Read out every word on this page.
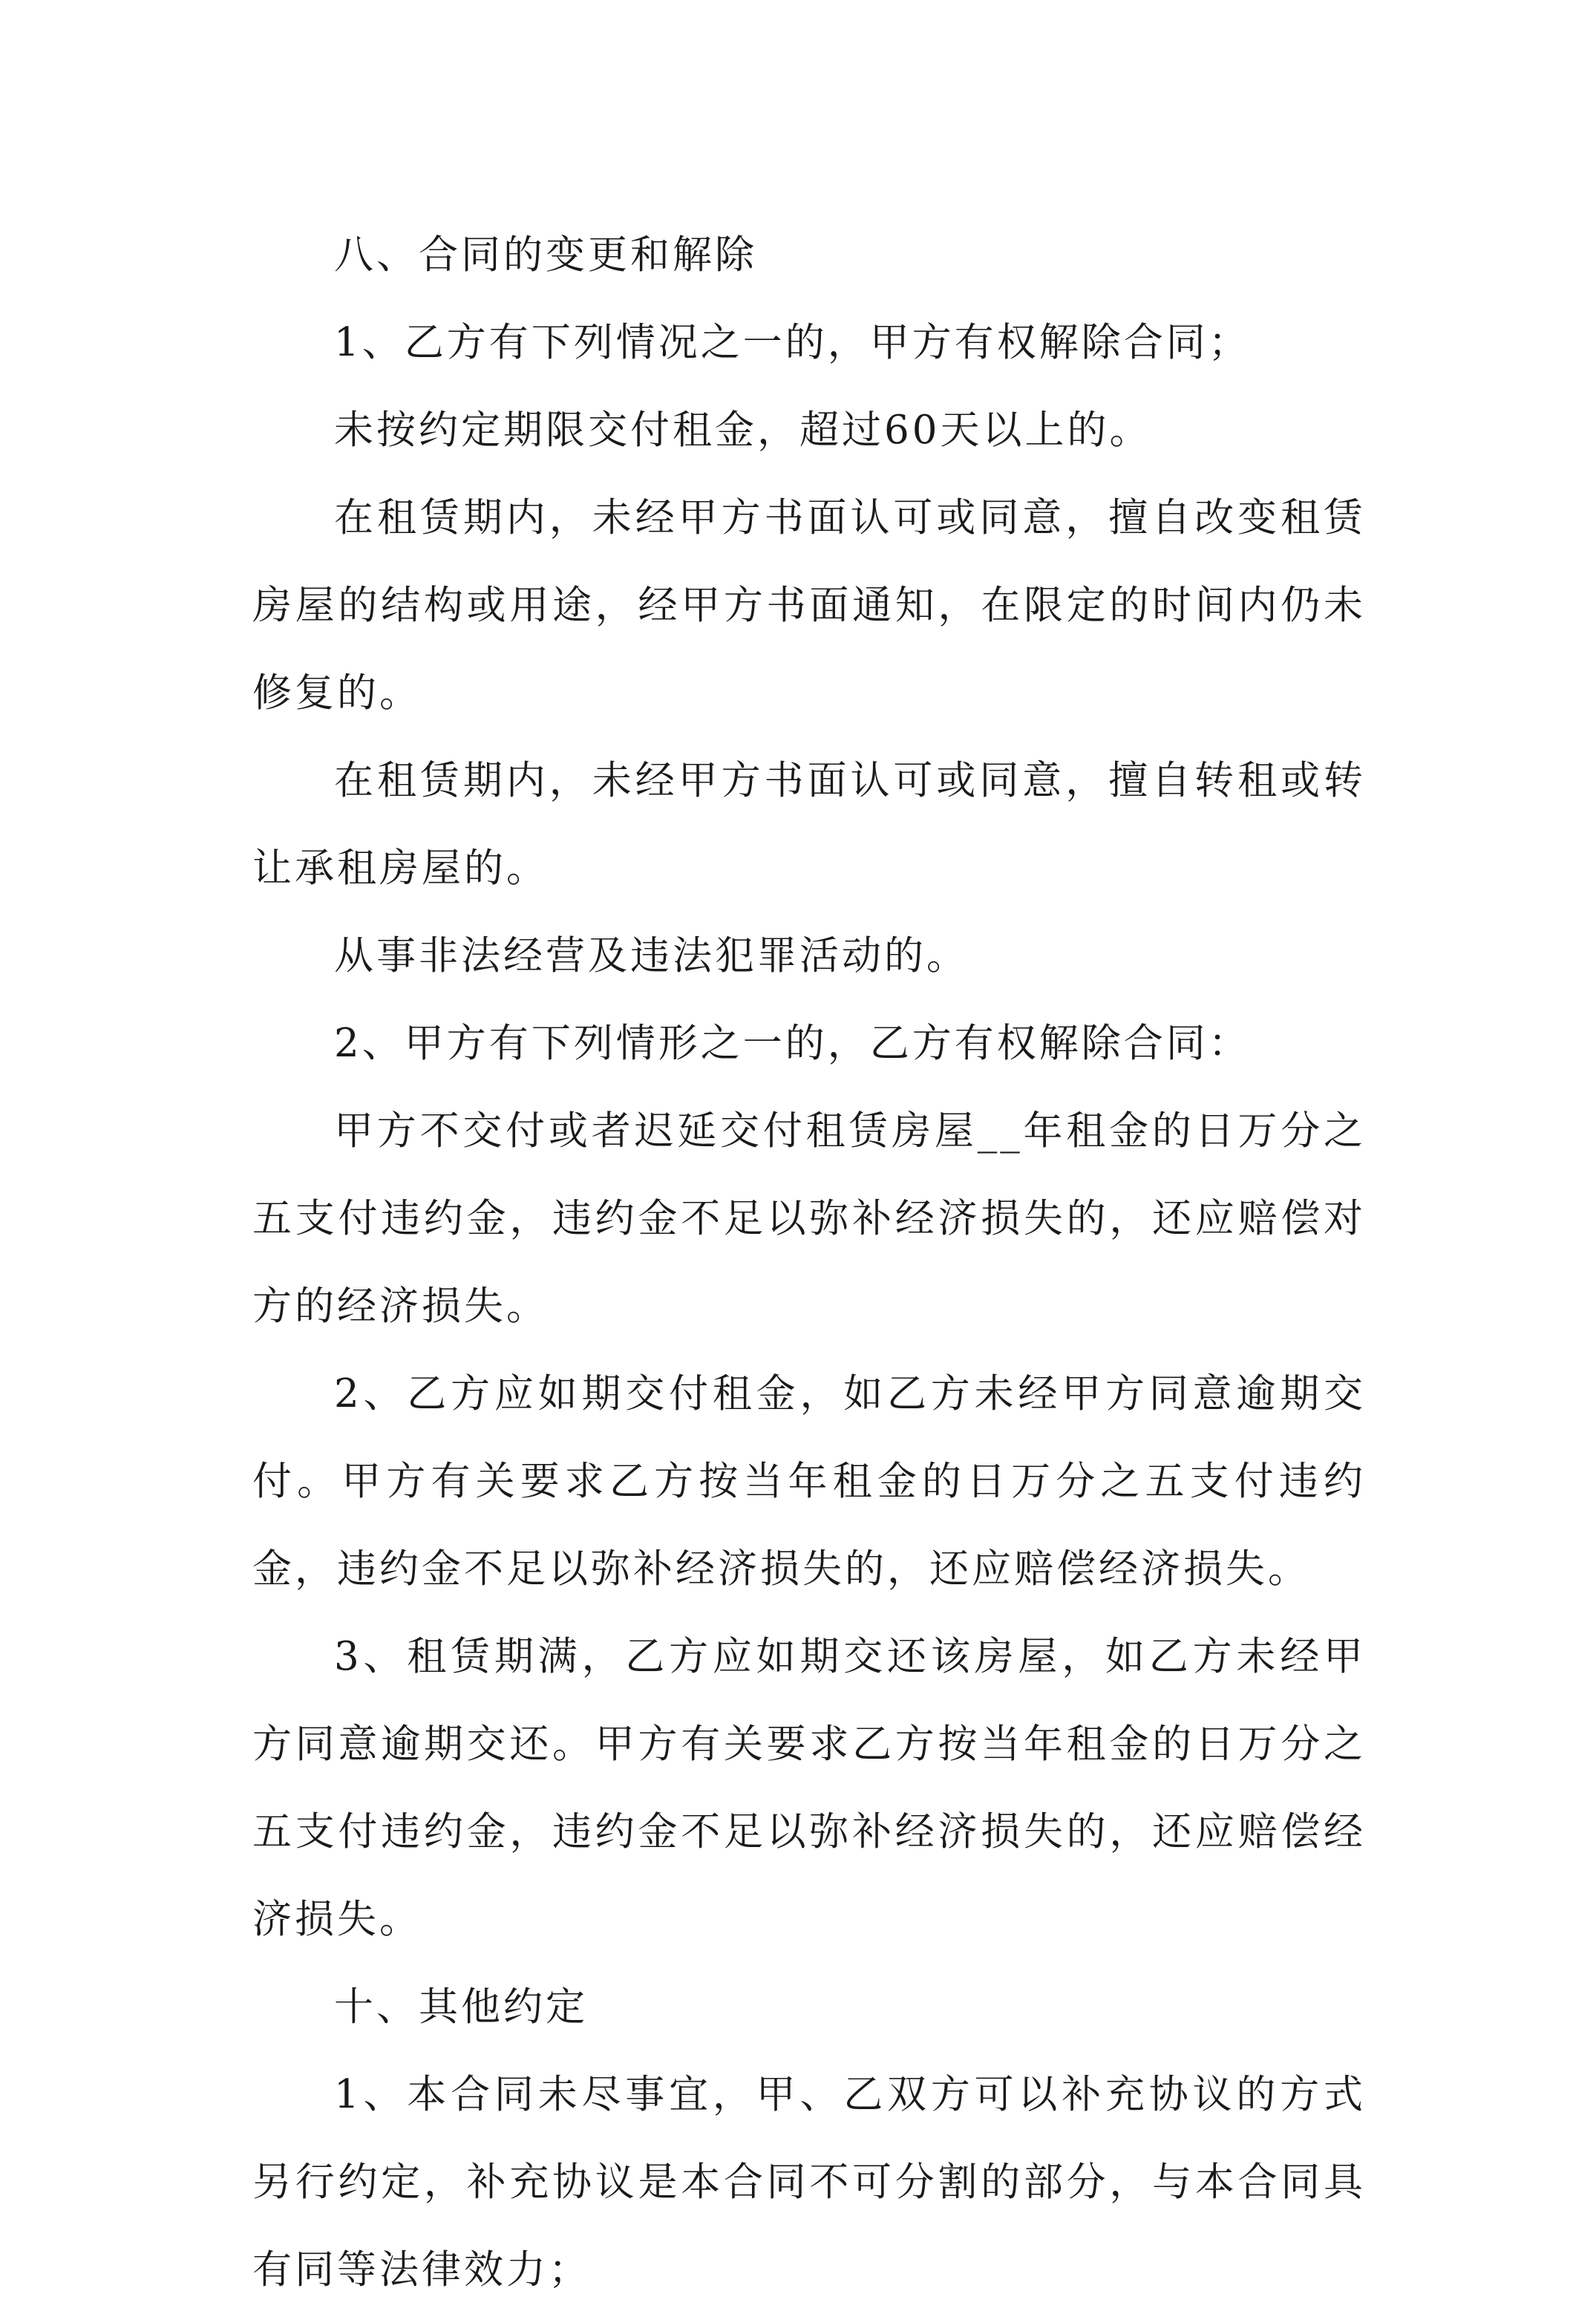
八、合同的变更和解除

1、乙方有下列情况之一的，甲方有权解除合同；

未按约定期限交付租金，超过60天以上的。

在租赁期内，未经甲方书面认可或同意，擅自改变租赁房屋的结构或用途，经甲方书面通知，在限定的时间内仍未修复的。

在租赁期内，未经甲方书面认可或同意，擅自转租或转让承租房屋的。

从事非法经营及违法犯罪活动的。

2、甲方有下列情形之一的，乙方有权解除合同：

甲方不交付或者迟延交付租赁房屋__年租金的日万分之五支付违约金，违约金不足以弥补经济损失的，还应赔偿对方的经济损失。

2、乙方应如期交付租金，如乙方未经甲方同意逾期交付。甲方有关要求乙方按当年租金的日万分之五支付违约金，违约金不足以弥补经济损失的，还应赔偿经济损失。

3、租赁期满，乙方应如期交还该房屋，如乙方未经甲方同意逾期交还。甲方有关要求乙方按当年租金的日万分之五支付违约金，违约金不足以弥补经济损失的，还应赔偿经济损失。

十、其他约定

1、本合同未尽事宜，甲、乙双方可以补充协议的方式另行约定，补充协议是本合同不可分割的部分，与本合同具有同等法律效力；
